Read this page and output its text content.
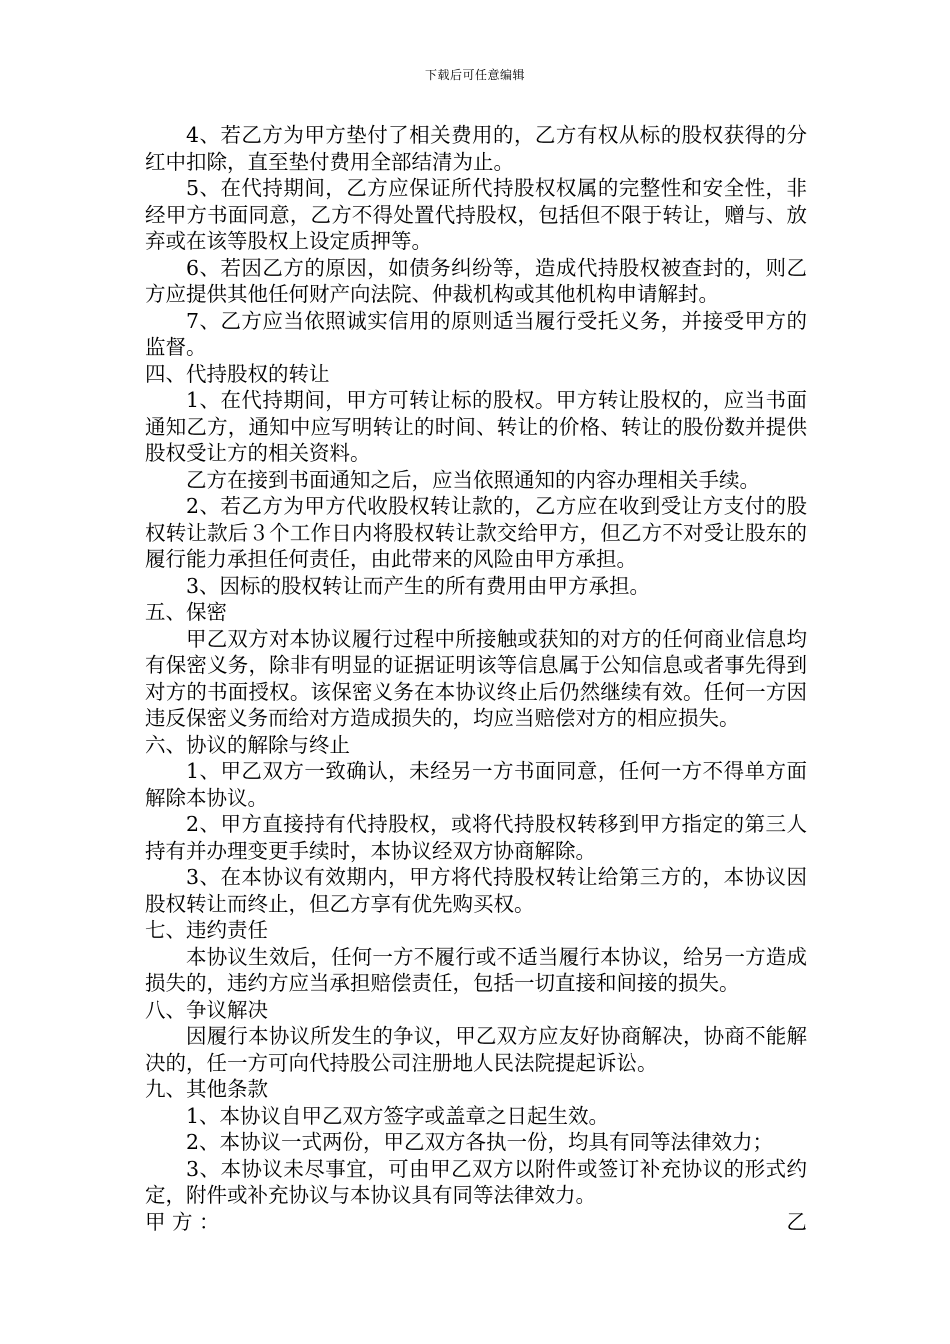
下载后可任意编辑

4、若乙方为甲方垫付了相关费用的，乙方有权从标的股权获得的分红中扣除，直至垫付费用全部结清为止。

5、在代持期间，乙方应保证所代持股权权属的完整性和安全性，非经甲方书面同意，乙方不得处置代持股权，包括但不限于转让，赠与、放弃或在该等股权上设定质押等。

6、若因乙方的原因，如债务纠纷等，造成代持股权被查封的，则乙方应提供其他任何财产向法院、仲裁机构或其他机构申请解封。

7、乙方应当依照诚实信用的原则适当履行受托义务，并接受甲方的监督。

四、代持股权的转让

1、在代持期间，甲方可转让标的股权。甲方转让股权的，应当书面通知乙方，通知中应写明转让的时间、转让的价格、转让的股份数并提供股权受让方的相关资料。

乙方在接到书面通知之后，应当依照通知的内容办理相关手续。

2、若乙方为甲方代收股权转让款的，乙方应在收到受让方支付的股权转让款后３个工作日内将股权转让款交给甲方，但乙方不对受让股东的履行能力承担任何责任，由此带来的风险由甲方承担。

3、因标的股权转让而产生的所有费用由甲方承担。

五、保密

甲乙双方对本协议履行过程中所接触或获知的对方的任何商业信息均有保密义务，除非有明显的证据证明该等信息属于公知信息或者事先得到对方的书面授权。该保密义务在本协议终止后仍然继续有效。任何一方因违反保密义务而给对方造成损失的，均应当赔偿对方的相应损失。

六、协议的解除与终止

1、甲乙双方一致确认，未经另一方书面同意，任何一方不得单方面解除本协议。

2、甲方直接持有代持股权，或将代持股权转移到甲方指定的第三人持有并办理变更手续时，本协议经双方协商解除。

3、在本协议有效期内，甲方将代持股权转让给第三方的，本协议因股权转让而终止，但乙方享有优先购买权。

七、违约责任

本协议生效后，任何一方不履行或不适当履行本协议，给另一方造成损失的，违约方应当承担赔偿责任，包括一切直接和间接的损失。

八、争议解决

因履行本协议所发生的争议，甲乙双方应友好协商解决，协商不能解决的，任一方可向代持股公司注册地人民法院提起诉讼。

九、其他条款

1、本协议自甲乙双方签字或盖章之日起生效。

2、本协议一式两份，甲乙双方各执一份，均具有同等法律效力；

3、本协议未尽事宜，可由甲乙双方以附件或签订补充协议的形式约定，附件或补充协议与本协议具有同等法律效力。

甲 方 ：	乙
